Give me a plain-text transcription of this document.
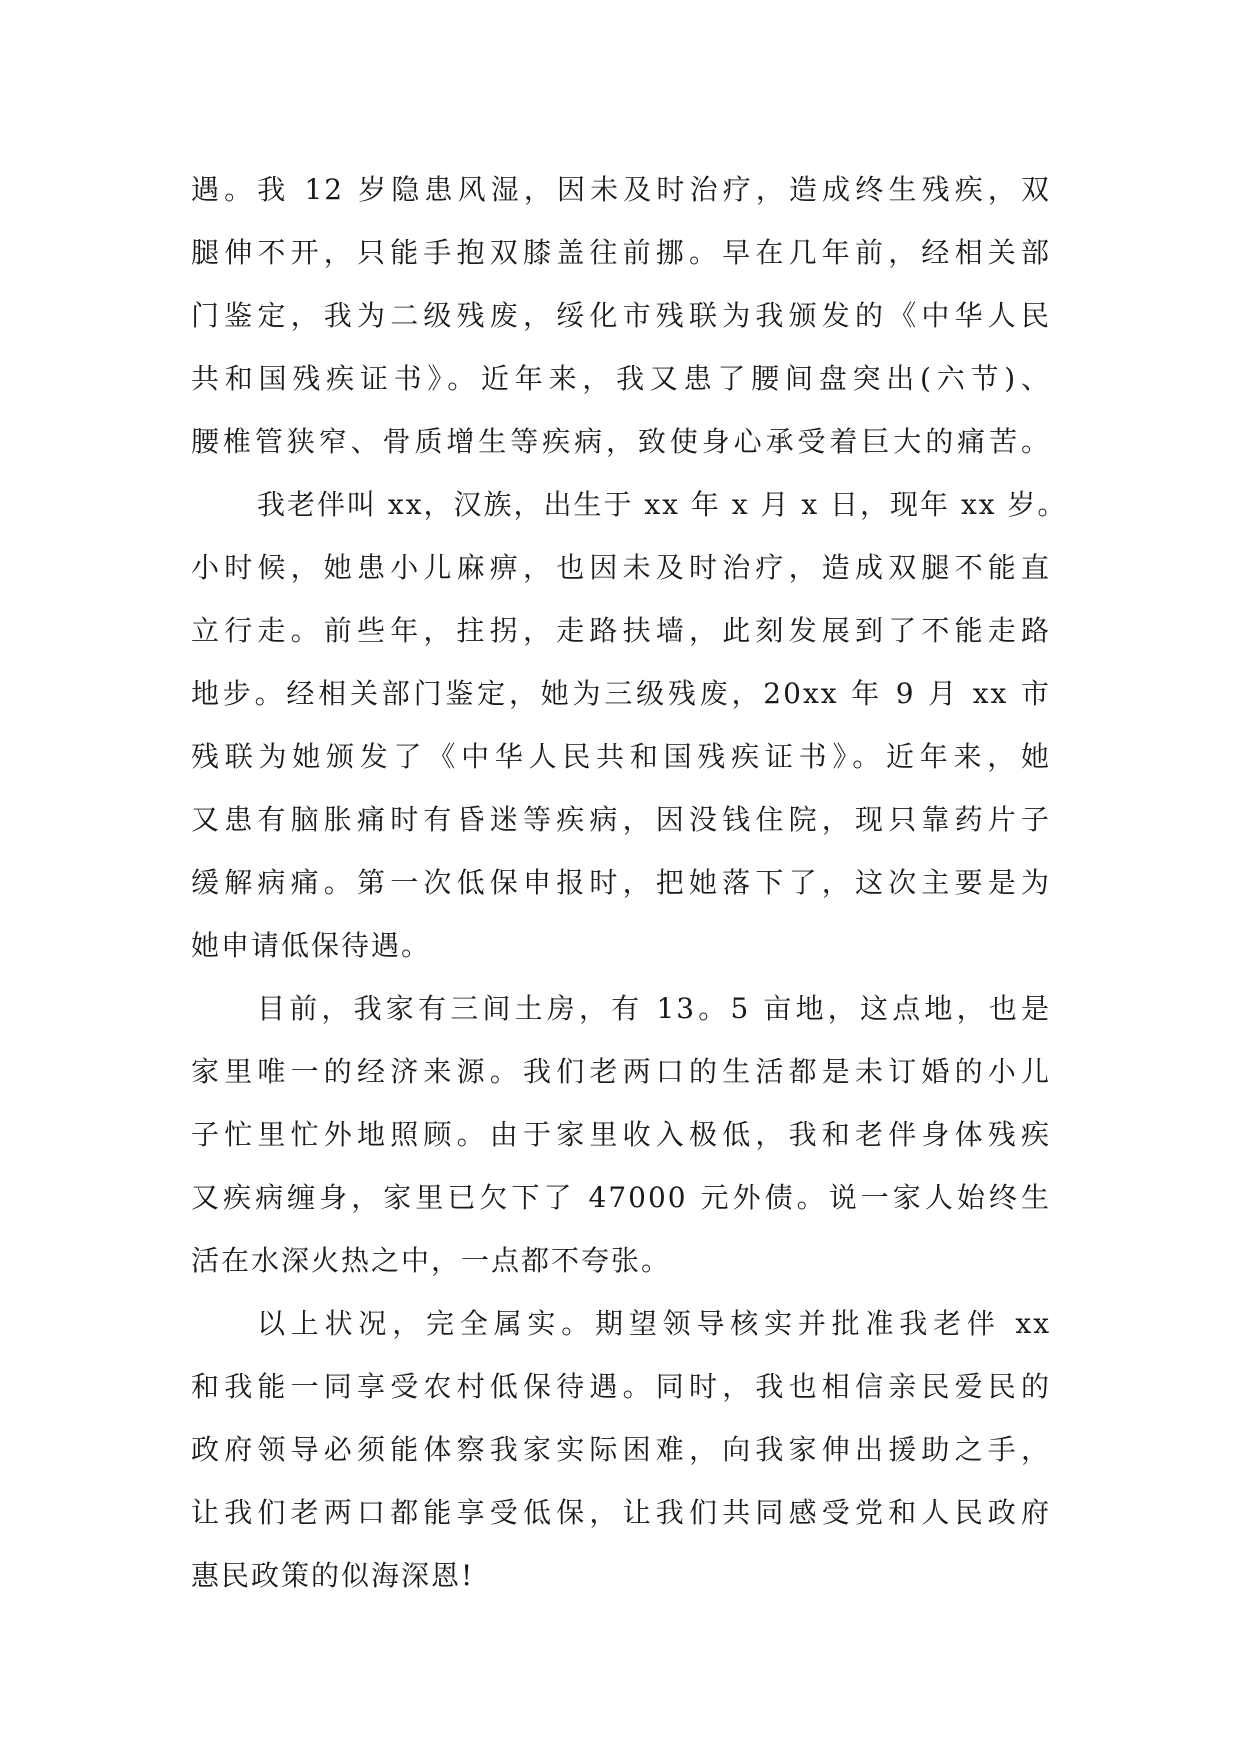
遇。我 12 岁隐患风湿，因未及时治疗，造成终生残疾，双
腿伸不开，只能手抱双膝盖往前挪。早在几年前，经相关部
门鉴定，我为二级残废，绥化市残联为我颁发的《中华人民
共和国残疾证书》。近年来，我又患了腰间盘突出(六节)、
腰椎管狭窄、骨质增生等疾病，致使身心承受着巨大的痛苦。
我老伴叫 xx，汉族，出生于 xx 年 x 月 x 日，现年 xx 岁。
小时候，她患小儿麻痹，也因未及时治疗，造成双腿不能直
立行走。前些年，拄拐，走路扶墙，此刻发展到了不能走路
地步。经相关部门鉴定，她为三级残废，20xx 年 9 月 xx 市
残联为她颁发了《中华人民共和国残疾证书》。近年来，她
又患有脑胀痛时有昏迷等疾病，因没钱住院，现只靠药片子
缓解病痛。第一次低保申报时，把她落下了，这次主要是为
她申请低保待遇。
目前，我家有三间土房，有 13。5 亩地，这点地，也是
家里唯一的经济来源。我们老两口的生活都是未订婚的小儿
子忙里忙外地照顾。由于家里收入极低，我和老伴身体残疾
又疾病缠身，家里已欠下了 47000 元外债。说一家人始终生
活在水深火热之中，一点都不夸张。
以上状况，完全属实。期望领导核实并批准我老伴 xx
和我能一同享受农村低保待遇。同时，我也相信亲民爱民的
政府领导必须能体察我家实际困难，向我家伸出援助之手，
让我们老两口都能享受低保，让我们共同感受党和人民政府
惠民政策的似海深恩!
